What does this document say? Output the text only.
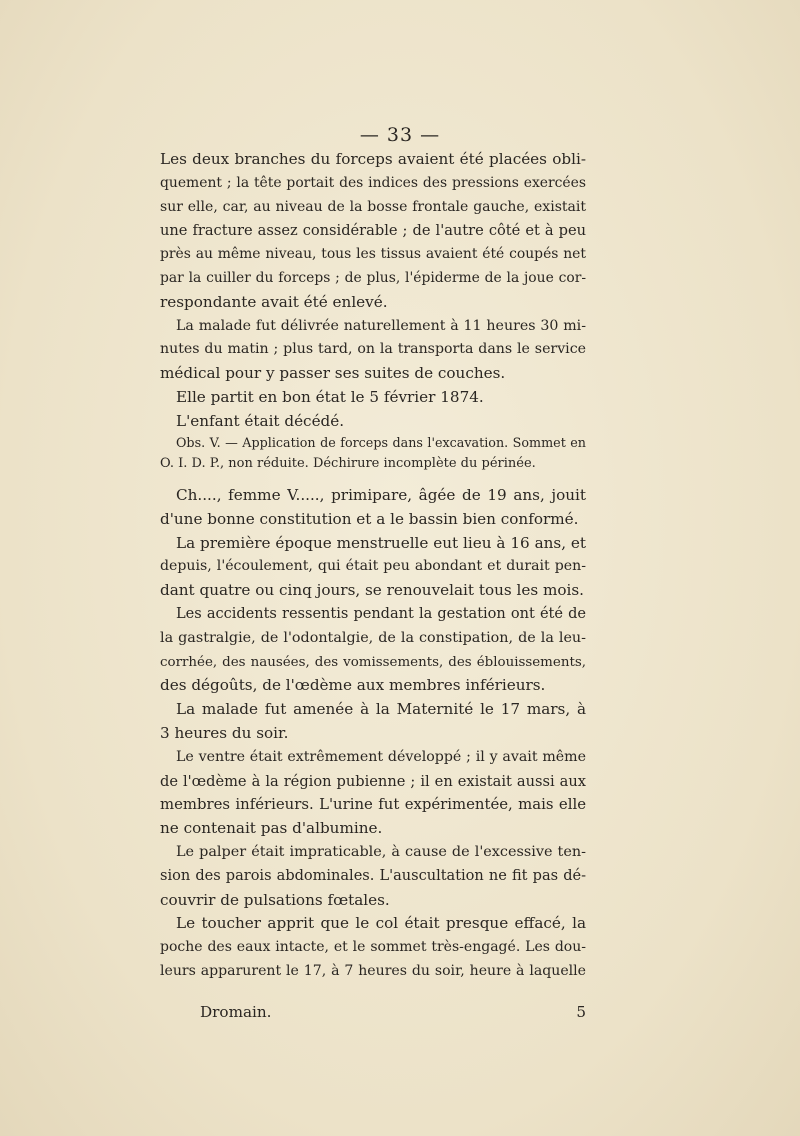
— 33 —
Les deux branches du forceps avaient été placées obli-
quement ; la tête portait des indices des pressions exercées
sur elle, car, au niveau de la bosse frontale gauche, existait
une fracture assez considérable ; de l'autre côté et à peu
près au même niveau, tous les tissus avaient été coupés net
par la cuiller du forceps ; de plus, l'épiderme de la joue cor-
respondante avait été enlevé.
La malade fut délivrée naturellement à 11 heures 30 mi-
nutes du matin ; plus tard, on la transporta dans le service
médical pour y passer ses suites de couches.
Elle partit en bon état le 5 février 1874.
L'enfant était décédé.
Obs. V. — Application de forceps dans l'excavation. Sommet en
O. I. D. P., non réduite. Déchirure incomplète du périnée.
Ch...., femme V....., primipare, âgée de 19 ans, jouit
d'une bonne constitution et a le bassin bien conformé.
La première époque menstruelle eut lieu à 16 ans, et
depuis, l'écoulement, qui était peu abondant et durait pen-
dant quatre ou cinq jours, se renouvelait tous les mois.
Les accidents ressentis pendant la gestation ont été de
la gastralgie, de l'odontalgie, de la constipation, de la leu-
corrhée, des nausées, des vomissements, des éblouissements,
des dégoûts, de l'œdème aux membres inférieurs.
La malade fut amenée à la Maternité le 17 mars, à
3 heures du soir.
Le ventre était extrêmement développé ; il y avait même
de l'œdème à la région pubienne ; il en existait aussi aux
membres inférieurs. L'urine fut expérimentée, mais elle
ne contenait pas d'albumine.
Le palper était impraticable, à cause de l'excessive ten-
sion des parois abdominales. L'auscultation ne fit pas dé-
couvrir de pulsations fœtales.
Le toucher apprit que le col était presque effacé, la
poche des eaux intacte, et le sommet très-engagé. Les dou-
leurs apparurent le 17, à 7 heures du soir, heure à laquelle
Dromain.	5
